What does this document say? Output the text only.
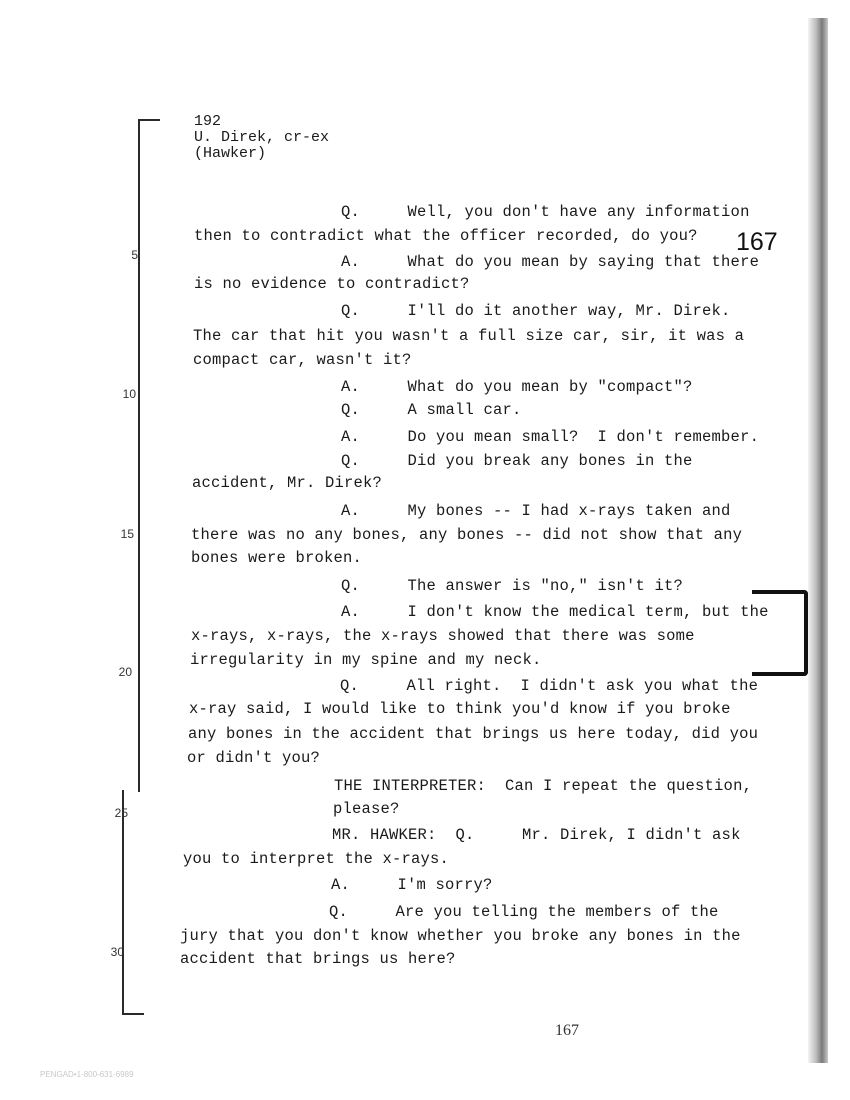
5
10
15
20
25
30
192
U. Direk, cr-ex
(Hawker)
167
Q.     Well, you don't have any information
then to contradict what the officer recorded, do you?
A.     What do you mean by saying that there
is no evidence to contradict?
Q.     I'll do it another way, Mr. Direk.
The car that hit you wasn't a full size car, sir, it was a
compact car, wasn't it?
A.     What do you mean by "compact"?
Q.     A small car.
A.     Do you mean small?  I don't remember.
Q.     Did you break any bones in the
accident, Mr. Direk?
A.     My bones -- I had x-rays taken and
there was no any bones, any bones -- did not show that any
bones were broken.
Q.     The answer is "no," isn't it?
A.     I don't know the medical term, but the
x-rays, x-rays, the x-rays showed that there was some
irregularity in my spine and my neck.
Q.     All right.  I didn't ask you what the
x-ray said, I would like to think you'd know if you broke
any bones in the accident that brings us here today, did you
or didn't you?
THE INTERPRETER:  Can I repeat the question,
please?
MR. HAWKER:  Q.     Mr. Direk, I didn't ask
you to interpret the x-rays.
A.     I'm sorry?
Q.     Are you telling the members of the
jury that you don't know whether you broke any bones in the
accident that brings us here?
167
PENGAD•1-800-631-6989
